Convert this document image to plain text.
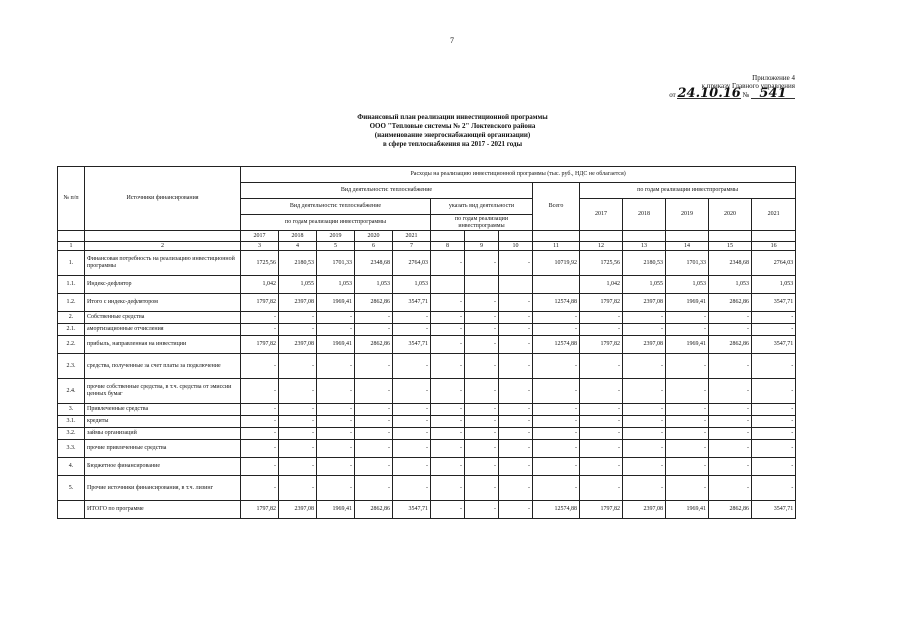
7
Приложение 4
к приказу Главного управления
от 24.10.16 № 541
Финансовый план реализации инвестиционной программы
ООО "Тепловые системы № 2" Локтевского района
(наименование энергоснабжающей организации)
в сфере теплоснабжения на 2017 - 2021 годы
№ п/п	Источники финансирования	Расходы на реализацию инвестиционной программы (тыс. руб., НДС не облагается)													
		Вид деятельности: теплоснабжение								Всего	по годам реализации инвестпрограммы				
		Вид деятельности: теплоснабжение					указать вид деятельности				2017	2018	2019	2020	2021
		по годам реализации инвестпрограммы					по годам реализации инвестпрограммы								
		2017	2018	2019	2020	2021									
1	2	3	4	5	6	7	8	9	10	11	12	13	14	15	16
1.	Финансовая потребность на реализацию инвестиционной программы	1725,56	2180,53	1701,33	2348,68	2764,03	-	-	-	10719,92	1725,56	2180,53	1701,33	2348,68	2764,03
1.1.	Индекс-дефлятор	1,042	1,055	1,053	1,053	1,053					1,042	1,055	1,053	1,053	1,053
1.2.	Итого с индекс-дефлятором	1797,82	2397,08	1969,41	2862,86	3547,71	-	-	-	12574,88	1797,82	2397,08	1969,41	2862,86	3547,71
2.	Собственные средства	-	-	-	-	-	-	-	-	-	-	-	-	-	-
2.1.	амортизационные отчисления	-	-	-	-	-	-	-	-	-	-	-	-	-	-
2.2.	прибыль, направленная на инвестиции	1797,82	2397,08	1969,41	2862,86	3547,71	-	-	-	12574,88	1797,82	2397,08	1969,41	2862,86	3547,71
2.3.	средства, полученные за счет платы за подключение	-	-	-	-	-	-	-	-	-	-	-	-	-	-
2.4.	прочие собственные средства, в т.ч. средства от эмиссии ценных бумаг	-	-	-	-	-	-	-	-	-	-	-	-	-	-
3.	Привлеченные средства	-	-	-	-	-	-	-	-	-	-	-	-	-	-
3.1.	кредиты	-	-	-	-	-	-	-	-	-	-	-	-	-	-
3.2.	займы организаций	-	-	-	-	-	-	-	-	-	-	-	-	-	-
3.3.	прочие привлеченные средства	-	-	-	-	-	-	-	-	-	-	-	-	-	-
4.	Бюджетное финансирование	-	-	-	-	-	-	-	-	-	-	-	-	-	-
5.	Прочие источники финансирования, в т.ч. лизинг	-	-	-	-	-	-	-	-	-	-	-	-	-	-
	ИТОГО по программе	1797,82	2397,08	1969,41	2862,86	3547,71	-	-	-	12574,88	1797,82	2397,08	1969,41	2862,86	3547,71
